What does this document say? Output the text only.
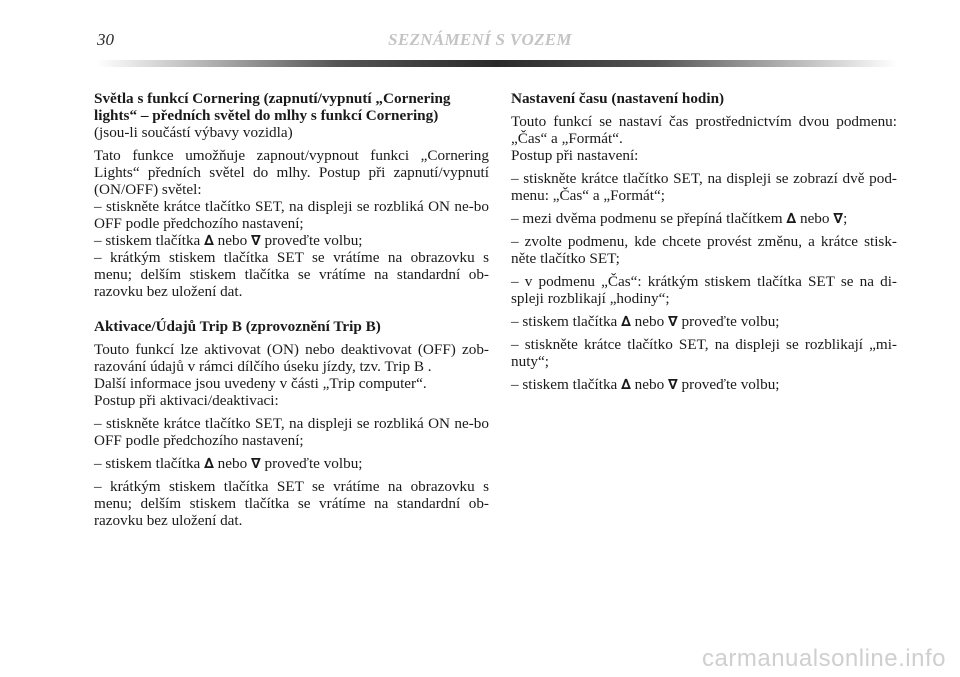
30	SEZNÁMENÍ S VOZEM
Světla s funkcí Cornering (zapnutí/vypnutí „Cornering lights“ – předních světel do mlhy s funkcí Cornering)

(jsou-li součástí výbavy vozidla)

Tato funkce umožňuje zapnout/vypnout funkci „Cornering Lights“ předních světel do mlhy. Postup při zapnutí/vypnutí (ON/OFF) světel:

– stiskněte krátce tlačítko SET, na displeji se rozbliká ON ne-bo OFF podle předchozího nastavení;

– stiskem tlačítka ∆ nebo ∇ proveďte volbu;

– krátkým stiskem tlačítka SET se vrátíme na obrazovku s menu; delším stiskem tlačítka se vrátíme na standardní ob-razovku bez uložení dat.

Aktivace/Údajů Trip B (zprovoznění Trip B)

Touto funkcí lze aktivovat (ON) nebo deaktivovat (OFF) zob-razování údajů v rámci dílčího úseku jízdy, tzv. Trip B .

Další informace jsou uvedeny v části „Trip computer“.

Postup při aktivaci/deaktivaci:

– stiskněte krátce tlačítko SET, na displeji se rozbliká ON ne-bo OFF podle předchozího nastavení;

– stiskem tlačítka ∆ nebo ∇ proveďte volbu;

– krátkým stiskem tlačítka SET se vrátíme na obrazovku s menu; delším stiskem tlačítka se vrátíme na standardní ob-razovku bez uložení dat.

Nastavení času (nastavení hodin)

Touto funkcí se nastaví čas prostřednictvím dvou podmenu: „Čas“ a „Formát“.

Postup při nastavení:

– stiskněte krátce tlačítko SET, na displeji se zobrazí dvě pod-menu: „Čas“ a „Formát“;

– mezi dvěma podmenu se přepíná tlačítkem ∆ nebo ∇;

– zvolte podmenu, kde chcete provést změnu, a krátce stisk-něte tlačítko SET;

– v podmenu „Čas“: krátkým stiskem tlačítka SET se na di-spleji rozblikají „hodiny“;

– stiskem tlačítka ∆ nebo ∇ proveďte volbu;

– stiskněte krátce tlačítko SET, na displeji se rozblikají „mi-nuty“;

– stiskem tlačítka ∆ nebo ∇ proveďte volbu;

carmanualsonline.info
